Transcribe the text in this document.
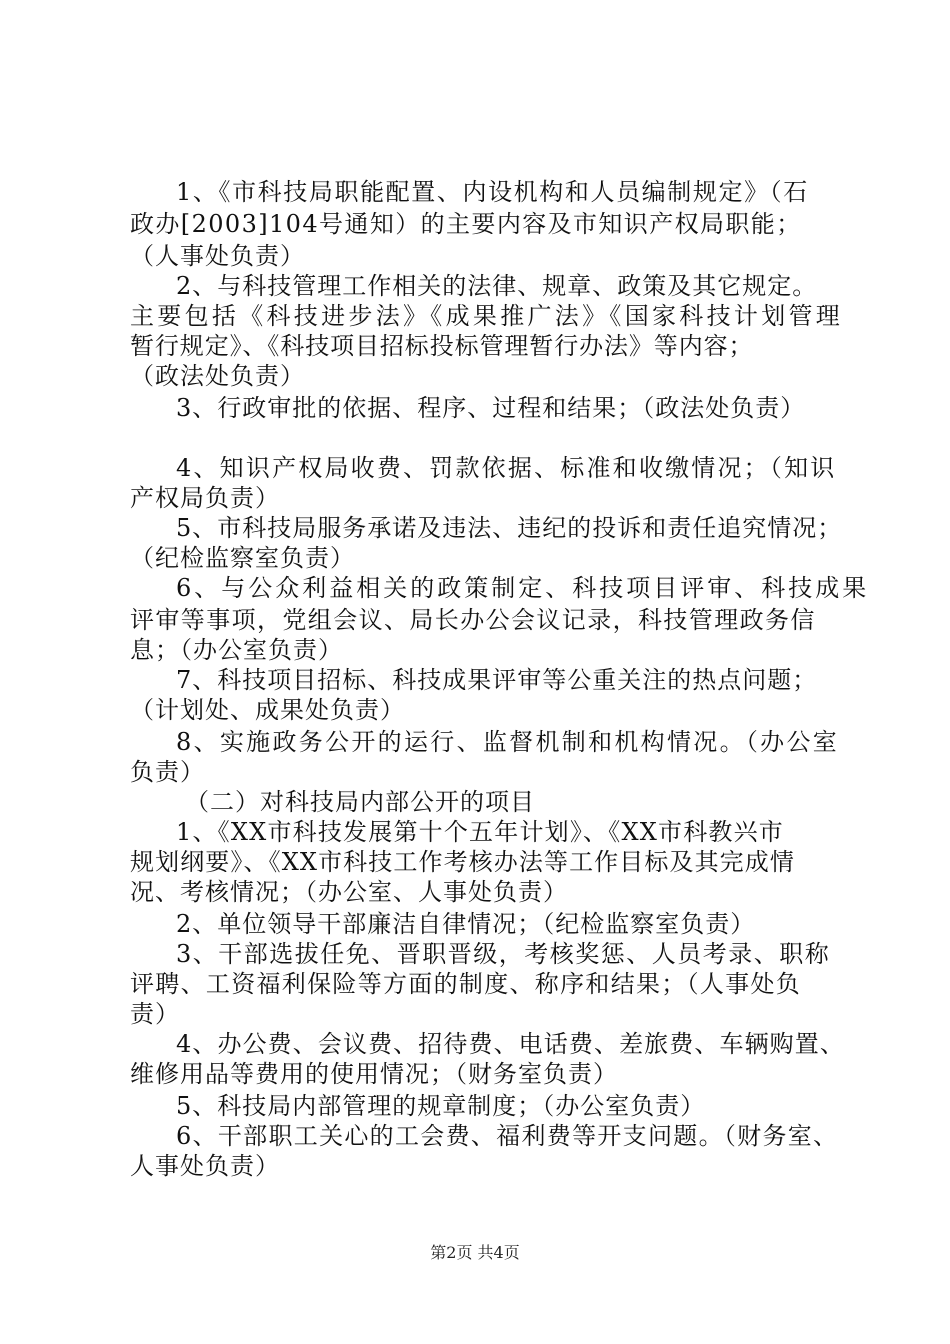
1、《市科技局职能配置、内设机构和人员编制规定》（石
政办[2003]104号通知）的主要内容及市知识产权局职能；
（人事处负责）
2、与科技管理工作相关的法律、规章、政策及其它规定。
主要包括《科技进步法》《成果推广法》《国家科技计划管理
暂行规定》、《科技项目招标投标管理暂行办法》等内容；
（政法处负责）
3、行政审批的依据、程序、过程和结果；（政法处负责）
4、知识产权局收费、罚款依据、标准和收缴情况；（知识
产权局负责）
5、市科技局服务承诺及违法、违纪的投诉和责任追究情况；
（纪检监察室负责）
6、与公众利益相关的政策制定、科技项目评审、科技成果
评审等事项，党组会议、局长办公会议记录，科技管理政务信
息；（办公室负责）
7、科技项目招标、科技成果评审等公重关注的热点问题；
（计划处、成果处负责）
8、实施政务公开的运行、监督机制和机构情况。（办公室
负责）
（二）对科技局内部公开的项目
1、《XX市科技发展第十个五年计划》、《XX市科教兴市
规划纲要》、《XX市科技工作考核办法等工作目标及其完成情
况、考核情况；（办公室、人事处负责）
2、单位领导干部廉洁自律情况；（纪检监察室负责）
3、干部选拔任免、晋职晋级，考核奖惩、人员考录、职称
评聘、工资福利保险等方面的制度、称序和结果；（人事处负
责）
4、办公费、会议费、招待费、电话费、差旅费、车辆购置、
维修用品等费用的使用情况；（财务室负责）
5、科技局内部管理的规章制度；（办公室负责）
6、干部职工关心的工会费、福利费等开支问题。（财务室、
人事处负责）
第2页 共4页
